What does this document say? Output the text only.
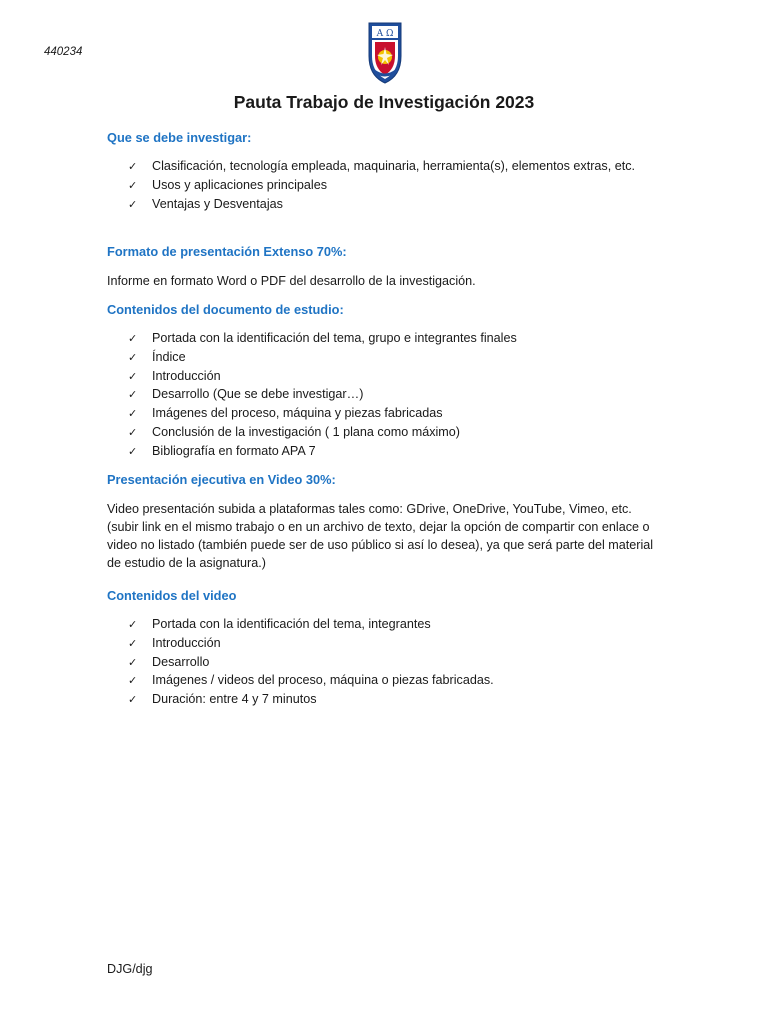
440234
Α Ω
Pauta Trabajo de Investigación 2023
Que se debe investigar:
✓ Clasificación, tecnología empleada, maquinaria, herramienta(s), elementos extras, etc.
✓ Usos y aplicaciones principales
✓ Ventajas y Desventajas
Formato de presentación Extenso 70%:
Informe en formato Word o PDF del desarrollo de la investigación.
Contenidos del documento de estudio:
✓ Portada con la identificación del tema, grupo e integrantes finales
✓ Índice
✓ Introducción
✓ Desarrollo (Que se debe investigar…)
✓ Imágenes del proceso, máquina y piezas fabricadas
✓ Conclusión de la investigación ( 1 plana como máximo)
✓ Bibliografía en formato APA 7
Presentación ejecutiva en Video 30%:
Video presentación subida a plataformas tales como: GDrive, OneDrive, YouTube, Vimeo, etc.
(subir link en el mismo trabajo o en un archivo de texto, dejar la opción de compartir con enlace o
video no listado (también puede ser de uso público si así lo desea), ya que será parte del material
de estudio de la asignatura.)
Contenidos del video
✓ Portada con la identificación del tema, integrantes
✓ Introducción
✓ Desarrollo
✓ Imágenes / videos del proceso, máquina o piezas fabricadas.
✓ Duración: entre 4 y 7 minutos
DJG/djg
